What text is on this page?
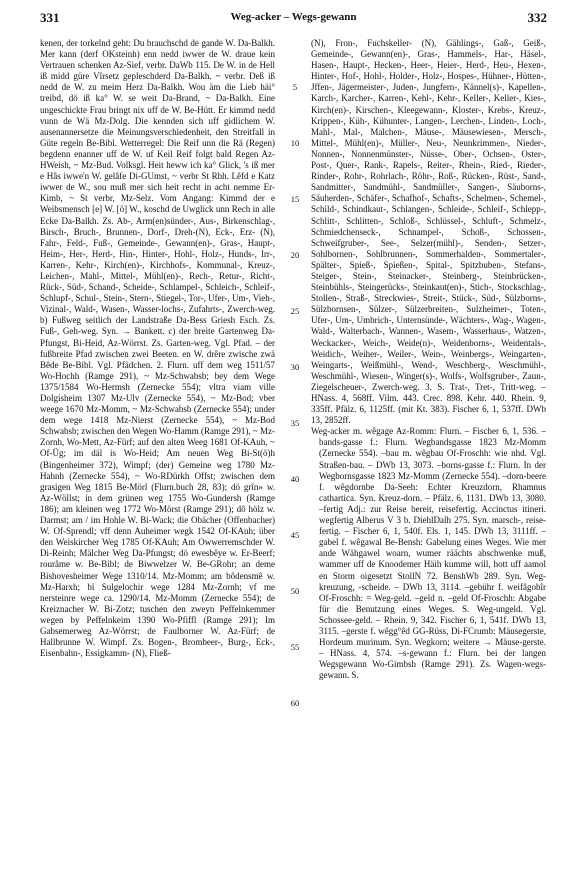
331	Weg-acker – Wegs-gewann	332

kenen, der torkelnd geht: Du brauchschd de gande W. Da-Balkh. Mer kann (derf OKsteinh) enn nedd iwwer de W. draue kein Vertrauen schenken Az-Sief, verbr. DaWb 115. De W. in de Hell iß midd güre Vîrsetz gepleschderd Da-Balkh. ~ verbr. Deß iß nedd de W. zu meim Herz Da-Balkh. Wou äm die Lieb häi° treibd, dö iß ka° W. se weit Da-Brand, ~ Da-Balkh. Eine ungeschickte Frau bringt nix uff de W. Be-Hütt. Er kimmd nedd vunn de Wä Mz-Dolg. Die kennden sich uff gidlichem W. ausenannersetze die Meinungsverschiedenheit, den Streitfall in Güte regeln Be-Bibl. Wetterregel: Die Reif unn die Rä (Regen) begdenn enanner uff de W. uf Keil Reif folgt bald Regen Az-HWeish, ~ Mz-Bud. Volksgl. Heit heww ich ka° Glick, 's iß mer e Hâs iwwe'n W. gelâfe Di-GUmst, ~ verbr St Rhh. Lêfd e Katz iwwer de W., sou muß mer sich heit recht in acht nemme Er-Kimb, ~ St verbr, Mz-Selz. Vom Angang: Kimmd der e Weibsmensch [e] W. [ö] W., koschd de Uwglick unn Rech in alle Ecke Da-Balkh. Zs. Ab-, Arm(en)sünder-, Aus-, Birkenschlag-, Birsch-, Bruch-, Brunnen-, Dorf-, Dreh-(N), Eck-, Erz- (N), Fahr-, Feld-, Fuß-, Gemeinde-, Gewann(en)-, Gras-, Haupt-, Heim-, Her-, Herd-, Hin-, Hinter-, Hohl-, Holz-, Hunds-, Irr-, Karren-, Kehr-, Kirch(en)-, Kirchhofs-, Kommunal-, Kreuz-, Leichen-, Mahl-, Mittel-, Mühl(en)-, Rech-, Retur-, Richt-, Rück-, Süd-, Schand-, Scheide-, Schlampel-, Schleich-, Schleif-, Schlupf-, Schul-, Stein-, Stern-, Stiegel-, Tor-, Ufer-, Um-, Vieh-, Vizinal-, Wald-, Wasen-, Wasser-lochs-, Zufahrts-, Zwerch-weg. b) Fußweg seitlich der Landstraße Da-Bess Griesh Esch. Zs. Fuß-, Geh-weg. Syn. → Bankett. c) der breite Gartenweg Da-Pfungst, Bi-Heid, Az-Wörrst. Zs. Garten-weg. Vgl. Pfad. – der fußbreite Pfad zwischen zwei Beeten. en W. drêre zwische zwä Bêde Be-Bibl. Vgl. Pfädchen. 2. Flurn. uff dem weg 1511/57 Wo-Hochh (Ramge 291), ~ Mz-Schwabsb; bey dem Wege 1375/1584 Wo-Hermsh (Zernecke 554); vltra viam ville Dolgisheim 1307 Mz-Ulv (Zernecke 554), ~ Mz-Bod; vber weege 1670 Mz-Momm, ~ Mz-Schwabsb (Zernecke 554); under dem wege 1418 Mz-Nierst (Zernecke 554), ~ Mz-Bod Schwabsb; zwischen den Wegen Wo-Hamm (Ramge 291), ~ Mz-Zornh, Wo-Mett, Az-Fürf; auf den alten Weeg 1681 Of-KAuh, ~ Of-Üg; im däl is Wo-Heid; Am neuen Weg Bi-St(ö)h (Bingenheimer 372), Wimpf; (der) Gemeine weg 1780 Mz-Hahnh (Zernecke 554), ~ Wo-RDürkh Offst; zwischen dem grasigen Weg 1815 Be-Mörl (Flurn.buch 28, 83); dö grîn» w. Az-Wöllst; in dem grünen weg 1755 Wo-Gundersh (Ramge 186); am kleinen weg 1772 Wo-Mörst (Ramge 291); dô hölz w. Darmst; am / im Hohle W. Bi-Wack; die Obächer (Offenbacher) W. Of-Sprendl; vff denn Auheimer wegk 1542 Of-KAuh; über den Weiskircher Weg 1785 Of-KAuh; Am Owwerremschder W. Di-Reinh; Mälcher Weg Da-Pfungst; dö ewesbêye w. Er-Beerf; rourâme w. Be-Bibl; de Biwwelzer W. Be-GRohr; an deme Bishovesheimer Wege 1310/14. Mz-Momm; am bôdensmê w. Mz-Harxh; bi Sulgelochir wege 1284 Mz-Zornh; vf me nersteinre wege ca. 1290/14. Mz-Momm (Zernecke 554); de Kreiznacher W. Bi-Zotz; tuschen den zweyn Peffelnkemmer wegen by Peffelnkeim 1390 Wo-Pfiffl (Ramge 291); Im Gabsemerweg Az-Wörrst; de Faulborner W. Az-Fürf; de Hallbrunne W. Wimpf. Zs. Bogen-, Brombeer-, Burg-, Eck-, Eisenbahn-, Essigkamm- (N), Fließ-

5
10
15
20
25
30
35
40
45
50
55
60

(N), Fron-, Fuchskeller- (N), Gählings-, Gaß-, Geiß-, Gemeinde-, Gewann(en)-, Gras-, Hammels-, Har-, Häsel-, Hasen-, Haupt-, Hecken-, Heer-, Heier-, Herd-, Heu-, Hexen-, Hinter-, Hof-, Hohl-, Holder-, Holz-, Hospes-, Hühner-, Hütten-, Jffen-, Jägermeister-, Juden-, Jungfern-, Kännel(s)-, Kapellen-, Karch-, Karcher-, Karren-, Kehl-, Kehr-, Keller-, Keller-, Kies-, Kirch(en)-, Kirschen-, Kleegewann-, Kloster-, Krebs-, Kreuz-, Krippen-, Küh-, Kühunter-, Langen-, Lerchen-, Linden-, Loch-, Mahl-, Mal-, Malchen-, Mäuse-, Mäusewiesen-, Mersch-, Mittel-, Mühl(en)-, Müller-, Neu-, Neunkrimmen-, Nieder-, Nonnen-, Nonnenmünster-, Nüsse-, Ober-, Ochsen-, Oster-, Post-, Quer-, Rank-, Rapels-, Reiter-, Rhein-, Ried-, Rieder-, Rinder-, Rohr-, Rohrlach-, Röhr-, Roß-, Rücken-, Rüst-, Sand-, Sandmitter-, Sandmühl-, Sandmüller-, Sangen-, Säuborns-, Säuherden-, Schäfer-, Schafhof-, Schafts-, Schelmen-, Schemel-, Schild-, Schindkaut-, Schlangen-, Schleide-, Schleif-, Schlepp-, Schlitt-, Schlitten-, Schloß-, Schlüssel-, Schluft-, Schmelz-, Schmiedchenseck-, Schnampel-, Schoß-, Schossen-, Schweifgruber-, See-, Selzer(mühl)-, Senden-, Setzer-, Sohlbornen-, Sohlbrunnen-, Sommerhalden-, Sommertaler-, Spälter-, Spieß-, Spießen-, Spital-, Spitzbuben-, Stefans-, Steiger-, Stein-, Steinacker-, Steinberg-, Steinbrücken-, Steinbühls-, Steingerücks-, Steinkaut(en)-, Stich-, Stockschlag-, Stollen-, Straß-, Streckwies-, Streit-, Stück-, Süd-, Sülzborns-, Sülzbornsen-, Sülzer-, Sülzerbreiten-, Sulzheimer-, Toten-, Ufer-, Um-, Umbrich-, Unternsünde-, Wächters-, Wag-, Wagen-, Wald-, Walterbach-, Wannen-, Wasem-, Wasserhaus-, Watzen-, Weckacker-, Weich-, Weide(n)-, Weidenborns-, Weidentals-, Weidich-, Weiher-, Weiler-, Wein-, Weinbergs-, Weingarten-, Weingarts-, Weißmühl-, Wend-, Weschberg-, Weschmühl-, Weschmühl-, Wiesen-, Winger(s)-, Wolfs-, Wolfsgruber-, Zaun-, Ziegelscheuer-, Zwerch-weg. 3. S. Trat-, Tret-, Tritt-weg. – HNass. 4, 568ff. Vilm. 443. Crec. 898. Kehr. 440. Rhein. 9, 335ff. Pfälz. 6, 1125ff. (mit Kt. 383). Fischer 6, 1, 537ff. DWb 13, 2852ff.

Weg-acker m. wêgage Az-Romm: Flurn. – Fischer 6, 1, 536. –bands-gasse f.: Flurn. Wegbandsgasse 1823 Mz-Momm (Zernecke 554). –bau m. wêgbau Of-Froschh: wie nhd. Vgl. Straßen-bau. – DWb 13, 3073. –borns-gasse f.: Flurn. In der Wegbornsgasse 1823 Mz-Momm (Zernecke 554). –dorn-beere f. wêgdornbe Da-Seeh: Echter Kreuzdorn, Rhamnus cathartica. Syn. Kreuz-dorn. – Pfälz. 6, 1131. DWb 13, 3080. –fertig Adj.: zur Reise bereit, reisefertig. Accinctus itineri. wegfertig Alberus V 3 b. DiehlDalh 275. Syn. marsch-, reise-fertig. – Fischer 6, 1, 540f. Els. 1, 145. DWb 13, 3111ff. –gabel f. wêgawal Be-Bensh: Gabelung eines Weges. Wie mer ande Wähgawel woarn, wumer räächts abschwenke muß, wammer uff de Knoodemer Häih kumme will, hott uff aamol en Storm oigesetzt StollN 72. BenshWb 289. Syn. Weg-kreuzung, -scheide. – DWb 13, 3114. –gebühr f. weifâgobîr Of-Froschh: = Weg-geld. –geld n. –geld Of-Froschh: Abgabe für die Benutzung eines Weges. S. Weg-ungeld. Vgl. Schossee-geld. – Rhein. 9, 342. Fischer 6, 1, 541f. DWb 13, 3115. –gerste f. wêgg°êd GG-Rüss, Di-FCrumb: Mäusegerste, Hordeum murinum. Syn. Wegkorn; weitere → Mäuse-gerste. – HNass. 4, 574. –s-gewann f.: Flurn. bei der langen Wegsgewann Wo-Gimbsh (Ramge 291). Zs. Wagen-wegs-gewann. S.
